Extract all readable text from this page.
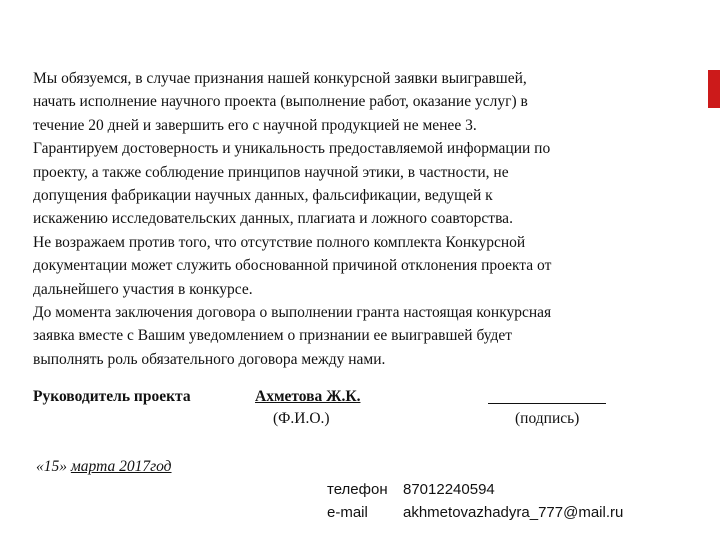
Мы обязуемся, в случае признания нашей конкурсной заявки выигравшей,
начать исполнение научного проекта (выполнение работ, оказание услуг) в
течение 20 дней и завершить его с научной продукцией не менее 3.
Гарантируем достоверность и уникальность предоставляемой информации по
проекту, а также соблюдение принципов научной этики, в частности, не
допущения фабрикации научных данных, фальсификации, ведущей к
искажению исследовательских данных, плагиата и ложного соавторства.
Не возражаем против того, что отсутствие полного комплекта Конкурсной
документации может служить обоснованной причиной отклонения проекта от
дальнейшего участия в конкурсе.
До момента заключения договора о выполнении гранта настоящая конкурсная
заявка вместе с Вашим уведомлением о признании ее выигравшей будет
выполнять роль обязательного договора между нами.
Руководитель проекта	Ахметова Ж.К.
(Ф.И.О.)	(подпись)
«15» марта 2017год
телефон 87012240594
e-mail akhmetovazhadyra_777@mail.ru
